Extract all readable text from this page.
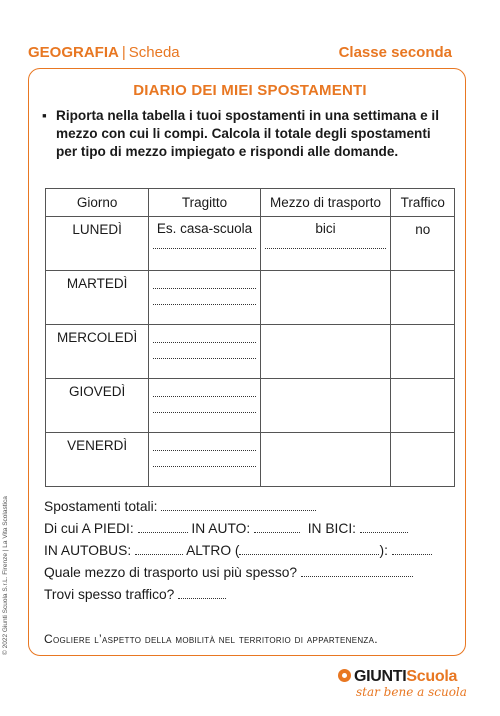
GEOGRAFIA | Scheda	Classe seconda
DIARIO DEI MIEI SPOSTAMENTI
▪ Riporta nella tabella i tuoi spostamenti in una settimana e il mezzo con cui li compi. Calcola il totale degli spostamenti per tipo di mezzo impiegato e rispondi alle domande.
Giorno	Tragitto	Mezzo di trasporto	Traffico
LUNEDÌ	Es. casa-scuola	bici	no
MARTEDÌ	

MERCOLEDÌ	

GIOVEDÌ	

VENERDÌ	

Spostamenti totali:
Di cui A PIEDI:	IN AUTO:	IN BICI:
IN AUTOBUS:	ALTRO (	):
Quale mezzo di trasporto usi più spesso?
Trovi spesso traffico?
Cogliere l’aspetto della mobilità nel territorio di appartenenza.
© 2022 Giunti Scuola S.r.L. Firenze | La Vita Scolastica
GIUNTIScuola
star bene a scuola
